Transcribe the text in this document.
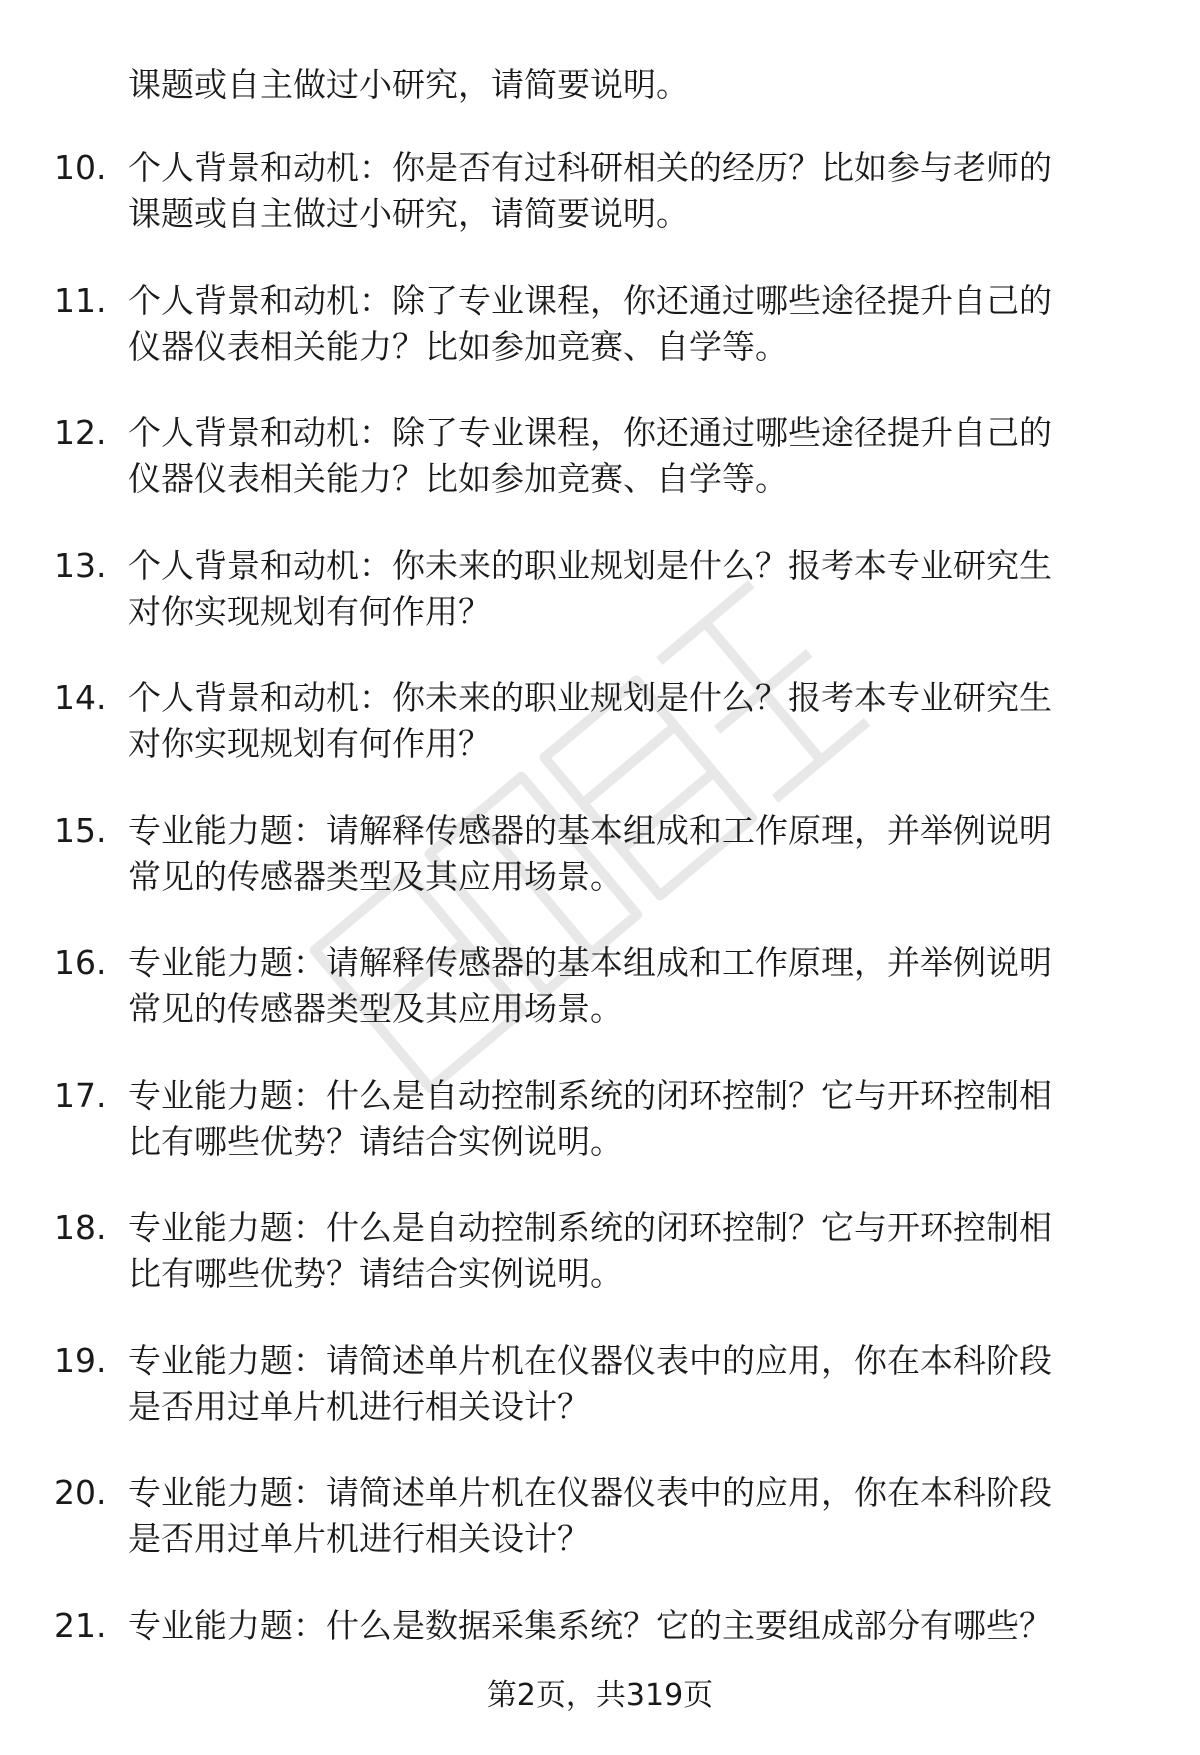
课题或自主做过小研究，请简要说明。
10. 个人背景和动机：你是否有过科研相关的经历？比如参与老师的
课题或自主做过小研究，请简要说明。
11. 个人背景和动机：除了专业课程，你还通过哪些途径提升自己的
仪器仪表相关能力？比如参加竞赛、自学等。
12. 个人背景和动机：除了专业课程，你还通过哪些途径提升自己的
仪器仪表相关能力？比如参加竞赛、自学等。
13. 个人背景和动机：你未来的职业规划是什么？报考本专业研究生
对你实现规划有何作用？
14. 个人背景和动机：你未来的职业规划是什么？报考本专业研究生
对你实现规划有何作用？
15. 专业能力题：请解释传感器的基本组成和工作原理，并举例说明
常见的传感器类型及其应用场景。
16. 专业能力题：请解释传感器的基本组成和工作原理，并举例说明
常见的传感器类型及其应用场景。
17. 专业能力题：什么是自动控制系统的闭环控制？它与开环控制相
比有哪些优势？请结合实例说明。
18. 专业能力题：什么是自动控制系统的闭环控制？它与开环控制相
比有哪些优势？请结合实例说明。
19. 专业能力题：请简述单片机在仪器仪表中的应用，你在本科阶段
是否用过单片机进行相关设计？
20. 专业能力题：请简述单片机在仪器仪表中的应用，你在本科阶段
是否用过单片机进行相关设计？
21. 专业能力题：什么是数据采集系统？它的主要组成部分有哪些？
第2页，共319页
